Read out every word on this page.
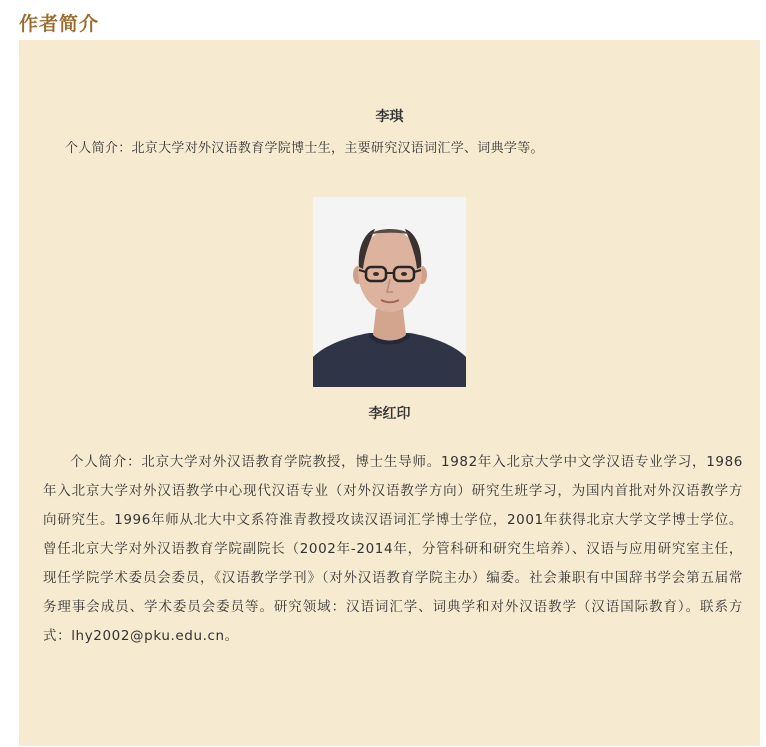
作者简介
李琪

个人简介：北京大学对外汉语教育学院博士生，主要研究汉语词汇学、词典学等。

李红印

个人简介：北京大学对外汉语教育学院教授，博士生导师。1982年入北京大学中文学汉语专业学习，1986年入北京大学对外汉语教学中心现代汉语专业（对外汉语教学方向）研究生班学习，为国内首批对外汉语教学方向研究生。1996年师从北大中文系符淮青教授攻读汉语词汇学博士学位，2001年获得北京大学文学博士学位。曾任北京大学对外汉语教育学院副院长（2002年-2014年，分管科研和研究生培养）、汉语与应用研究室主任，现任学院学术委员会委员，《汉语教学学刊》（对外汉语教育学院主办）编委。社会兼职有中国辞书学会第五届常务理事会成员、学术委员会委员等。研究领域：汉语词汇学、词典学和对外汉语教学（汉语国际教育）。联系方式：lhy2002@pku.edu.cn。
